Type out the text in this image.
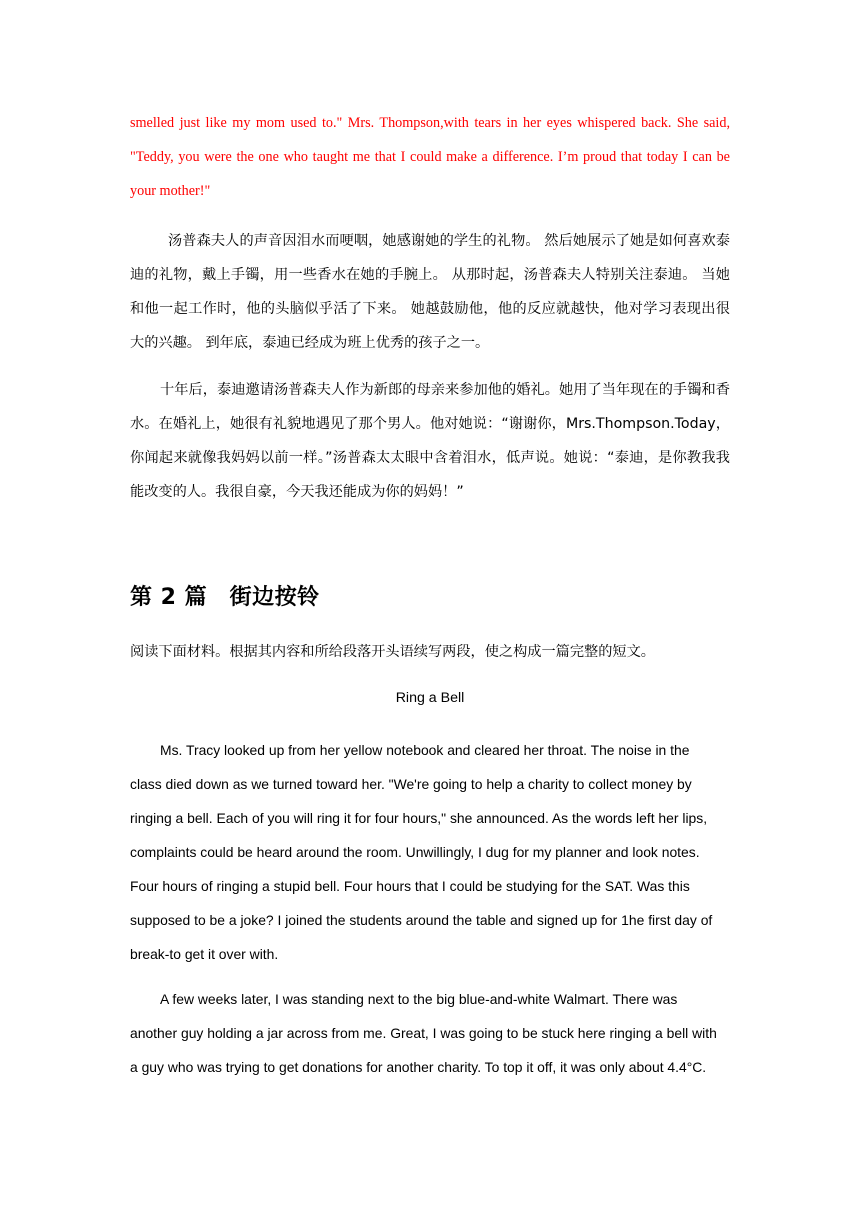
smelled just like my mom used to." Mrs. Thompson,with tears in her eyes whispered back. She said, "Teddy, you were the one who taught me that I could make a difference. I’m proud that today I can be your mother!"

汤普森夫人的声音因泪水而哽咽，她感谢她的学生的礼物。 然后她展示了她是如何喜欢泰迪的礼物，戴上手镯，用一些香水在她的手腕上。 从那时起，汤普森夫人特别关注泰迪。 当她和他一起工作时，他的头脑似乎活了下来。 她越鼓励他，他的反应就越快，他对学习表现出很大的兴趣。 到年底，泰迪已经成为班上优秀的孩子之一。

十年后，泰迪邀请汤普森夫人作为新郎的母亲来参加他的婚礼。她用了当年现在的手镯和香水。在婚礼上，她很有礼貌地遇见了那个男人。他对她说：“谢谢你，Mrs.Thompson.Today，你闻起来就像我妈妈以前一样。”汤普森太太眼中含着泪水，低声说。她说：“泰迪，是你教我我能改变的人。我很自豪，今天我还能成为你的妈妈！”

第 2 篇　街边按铃

阅读下面材料。根据其内容和所给段落开头语续写两段，使之构成一篇完整的短文。

Ring a Bell

Ms. Tracy looked up from her yellow notebook and cleared her throat. The noise in the class died down as we turned toward her. "We're going to help a charity to collect money by ringing a bell. Each of you will ring it for four hours," she announced. As the words left her lips, complaints could be heard around the room. Unwillingly, I dug for my planner and look notes. Four hours of ringing a stupid bell. Four hours that I could be studying for the SAT. Was this supposed to be a joke? I joined the students around the table and signed up for 1he first day of break-to get it over with.

A few weeks later, I was standing next to the big blue-and-white Walmart. There was another guy holding a jar across from me. Great, I was going to be stuck here ringing a bell with a guy who was trying to get donations for another charity. To top it off, it was only about 4.4°C.
